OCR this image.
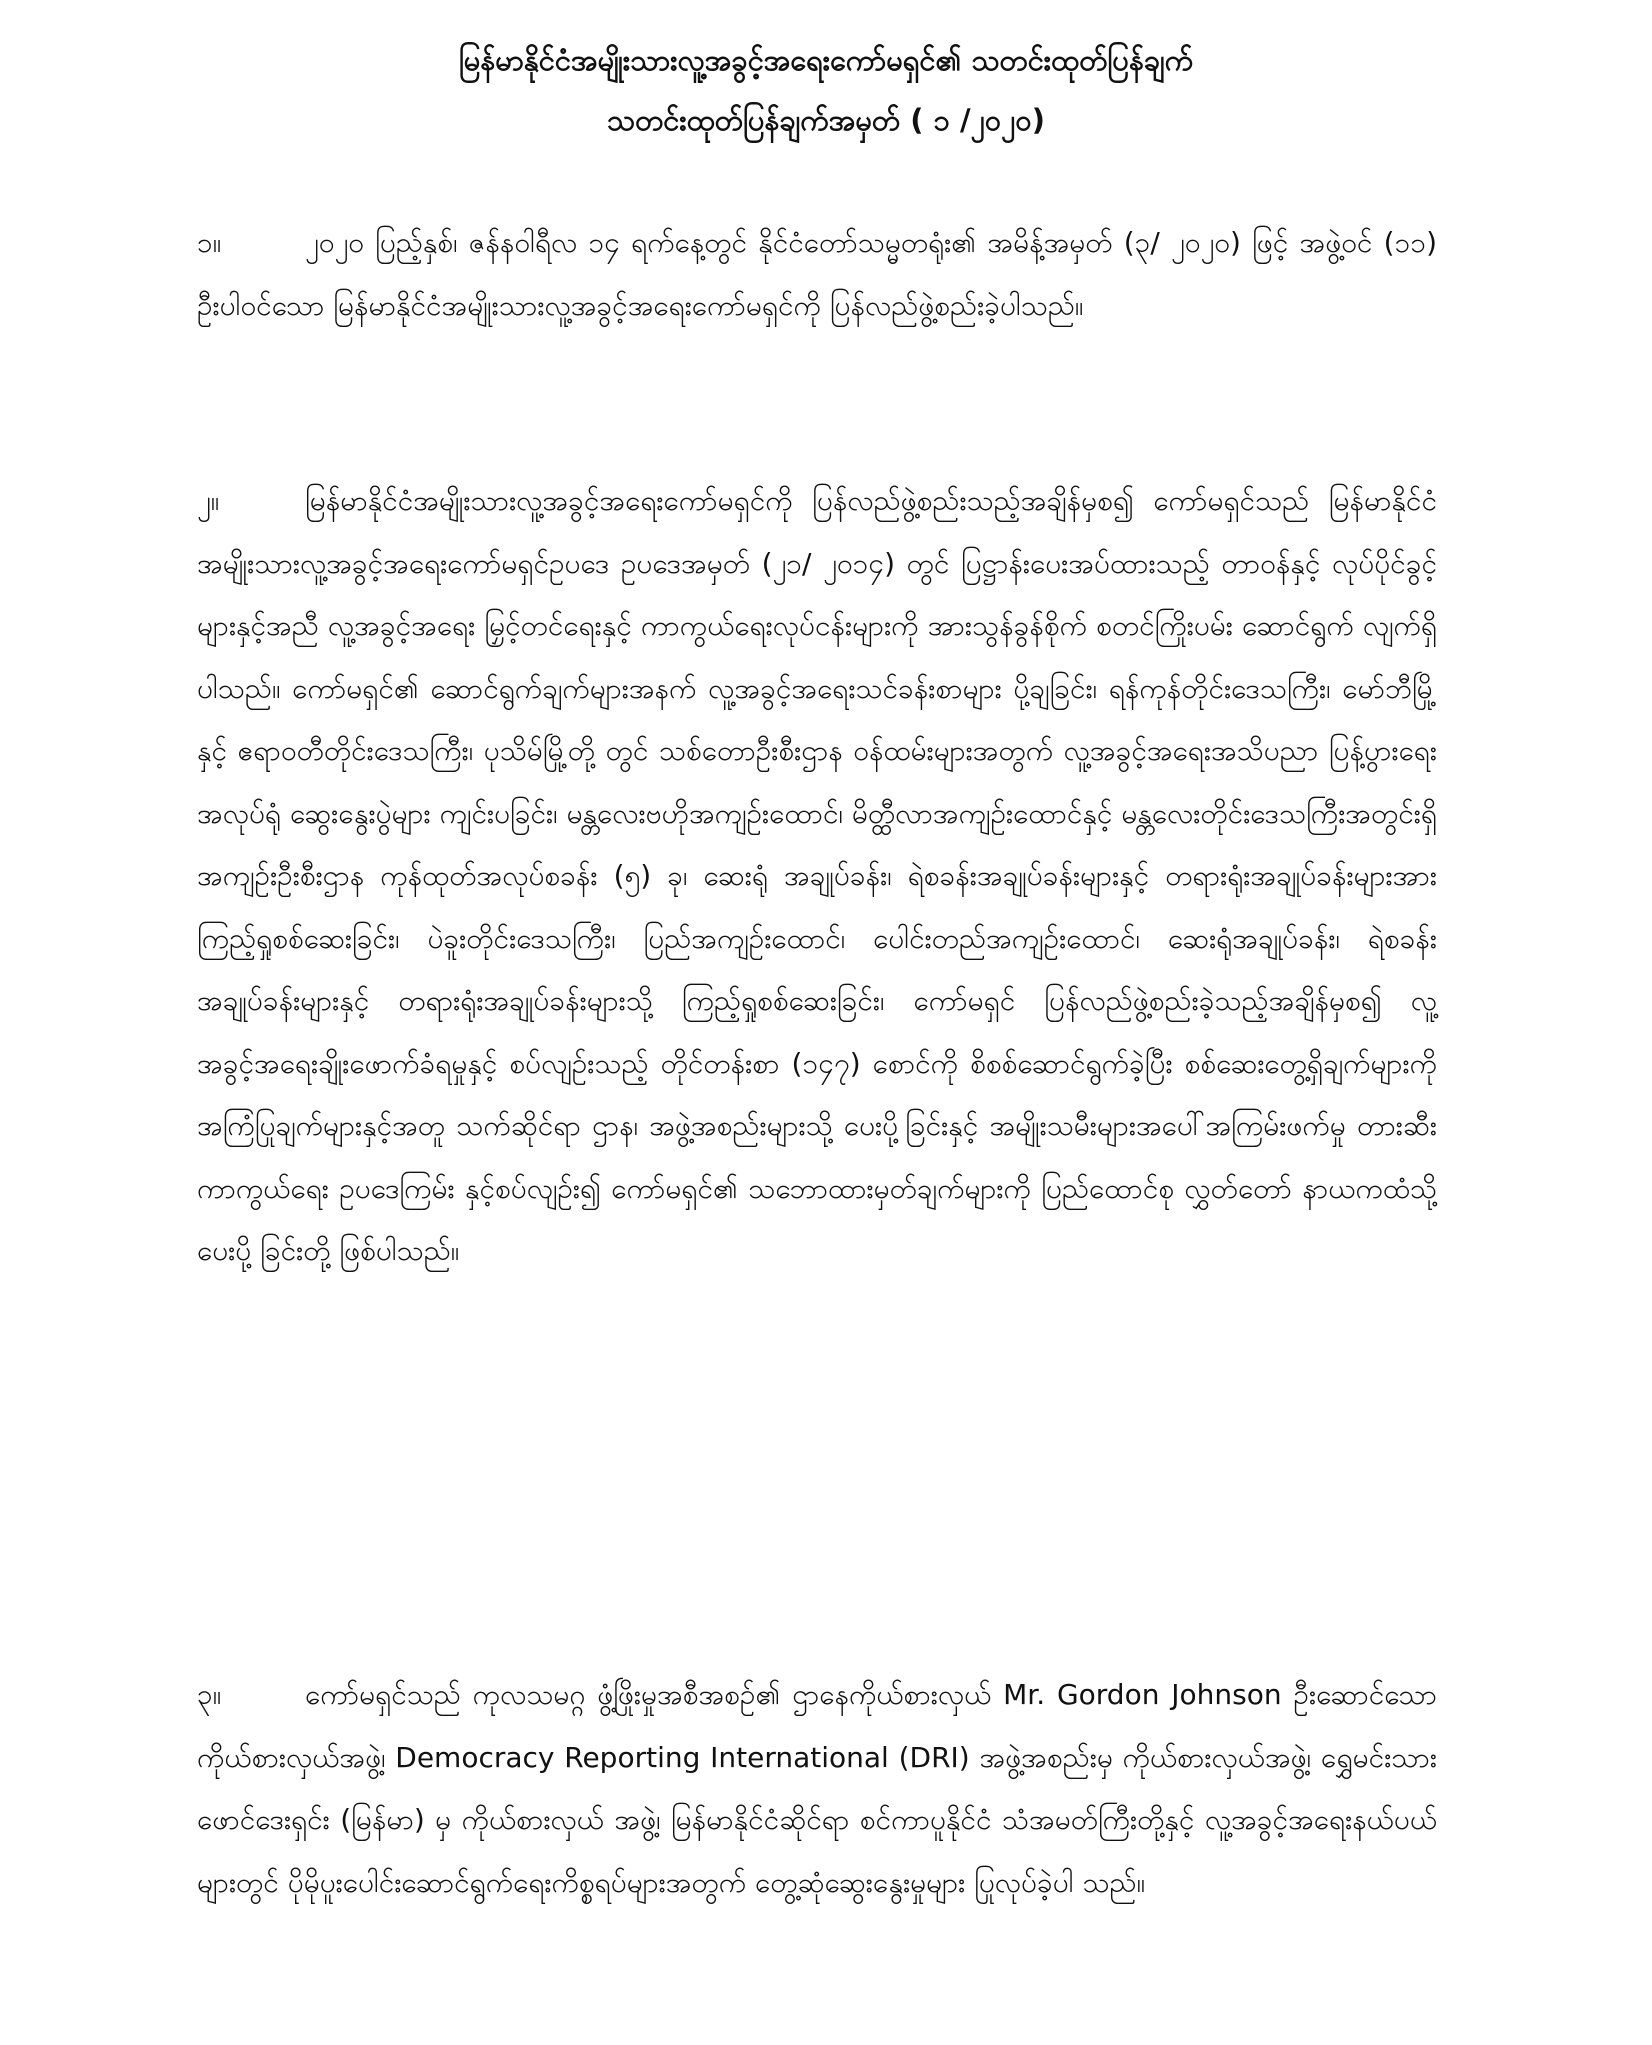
မြန်မာနိုင်ငံအမျိုးသားလူ့အခွင့်အရေးကော်မရှင်၏ သတင်းထုတ်ပြန်ချက်

သတင်းထုတ်ပြန်ချက်အမှတ် ( ၁ /၂၀၂၀)

၁။	၂၀၂၀ ပြည့်နှစ်၊ ဇန်နဝါရီလ ၁၄ ရက်နေ့တွင် နိုင်ငံတော်သမ္မတရုံး၏ အမိန့်အမှတ် (၃/ ၂၀၂၀) ဖြင့် အဖွဲ့ဝင် (၁၁) ဦးပါဝင်သော မြန်မာနိုင်ငံအမျိုးသားလူ့အခွင့်အရေးကော်မရှင်ကို ပြန်လည်ဖွဲ့စည်းခဲ့ပါသည်။

၂။	မြန်မာနိုင်ငံအမျိုးသားလူ့အခွင့်အရေးကော်မရှင်ကို ပြန်လည်ဖွဲ့စည်းသည့်အချိန်မှစ၍ ကော်မရှင်သည် မြန်မာနိုင်ငံအမျိုးသားလူ့အခွင့်အရေးကော်မရှင်ဥပဒေ ဥပဒေအမှတ် (၂၁/ ၂၀၁၄) တွင် ပြဋ္ဌာန်းပေးအပ်ထားသည့် တာဝန်နှင့် လုပ်ပိုင်ခွင့်များနှင့်အညီ လူ့အခွင့်အရေး မြှင့်တင်ရေးနှင့် ကာကွယ်ရေးလုပ်ငန်းများကို အားသွန်ခွန်စိုက် စတင်ကြိုးပမ်း ဆောင်ရွက် လျက်ရှိပါသည်။ ကော်မရှင်၏ ဆောင်ရွက်ချက်များအနက် လူ့အခွင့်အရေးသင်ခန်းစာများ ပို့ချခြင်း၊ ရန်ကုန်တိုင်းဒေသကြီး၊ မော်ဘီမြို့နှင့် ဧရာဝတီတိုင်းဒေသကြီး၊ ပုသိမ်မြို့တို့ တွင် သစ်တောဦးစီးဌာန ဝန်ထမ်းများအတွက် လူ့အခွင့်အရေးအသိပညာ ပြန့်ပွားရေး အလုပ်ရုံ ဆွေးနွေးပွဲများ ကျင်းပခြင်း၊ မန္တလေးဗဟိုအကျဉ်းထောင်၊ မိတ္ထီလာအကျဉ်းထောင်နှင့် မန္တလေးတိုင်းဒေသကြီးအတွင်းရှိ အကျဉ်းဦးစီးဌာန ကုန်ထုတ်အလုပ်စခန်း (၅) ခု၊ ဆေးရုံ အချုပ်ခန်း၊ ရဲစခန်းအချုပ်ခန်းများနှင့် တရားရုံးအချုပ်ခန်းများအား ကြည့်ရှုစစ်ဆေးခြင်း၊ ပဲခူးတိုင်းဒေသကြီး၊ ပြည်အကျဉ်းထောင်၊ ပေါင်းတည်အကျဉ်းထောင်၊ ဆေးရုံအချုပ်ခန်း၊ ရဲစခန်းအချုပ်ခန်းများနှင့် တရားရုံးအချုပ်ခန်းများသို့ ကြည့်ရှုစစ်ဆေးခြင်း၊ ကော်မရှင် ပြန်လည်ဖွဲ့စည်းခဲ့သည့်အချိန်မှစ၍ လူ့အခွင့်အရေးချိုးဖောက်ခံရမှုနှင့် စပ်လျဉ်းသည့် တိုင်တန်းစာ (၁၄၇) စောင်ကို စိစစ်ဆောင်ရွက်ခဲ့ပြီး စစ်ဆေးတွေ့ရှိချက်များကို အကြံပြုချက်များနှင့်အတူ သက်ဆိုင်ရာ ဌာန၊ အဖွဲ့အစည်းများသို့ ပေးပို့ခြင်းနှင့် အမျိုးသမီးများအပေါ်အကြမ်းဖက်မှု တားဆီးကာကွယ်ရေး ဥပဒေကြမ်း နှင့်စပ်လျဉ်း၍ ကော်မရှင်၏ သဘောထားမှတ်ချက်များကို ပြည်ထောင်စု လွှတ်တော် နာယကထံသို့ ပေးပို့ ခြင်းတို့ ဖြစ်ပါသည်။

၃။	ကော်မရှင်သည် ကုလသမဂ္ဂ ဖွံ့ဖြိုးမှုအစီအစဉ်၏ ဌာနေကိုယ်စားလှယ် Mr. Gordon Johnson ဦးဆောင်သော ကိုယ်စားလှယ်အဖွဲ့၊ Democracy Reporting International (DRI) အဖွဲ့အစည်းမှ ကိုယ်စားလှယ်အဖွဲ့၊ ရွှေမင်းသားဖောင်ဒေးရှင်း (မြန်မာ) မှ ကိုယ်စားလှယ် အဖွဲ့၊ မြန်မာနိုင်ငံဆိုင်ရာ စင်ကာပူနိုင်ငံ သံအမတ်ကြီးတို့နှင့် လူ့အခွင့်အရေးနယ်ပယ်များတွင် ပိုမိုပူးပေါင်းဆောင်ရွက်ရေးကိစ္စရပ်များအတွက် တွေ့ဆုံဆွေးနွေးမှုများ ပြုလုပ်ခဲ့ပါ သည်။
